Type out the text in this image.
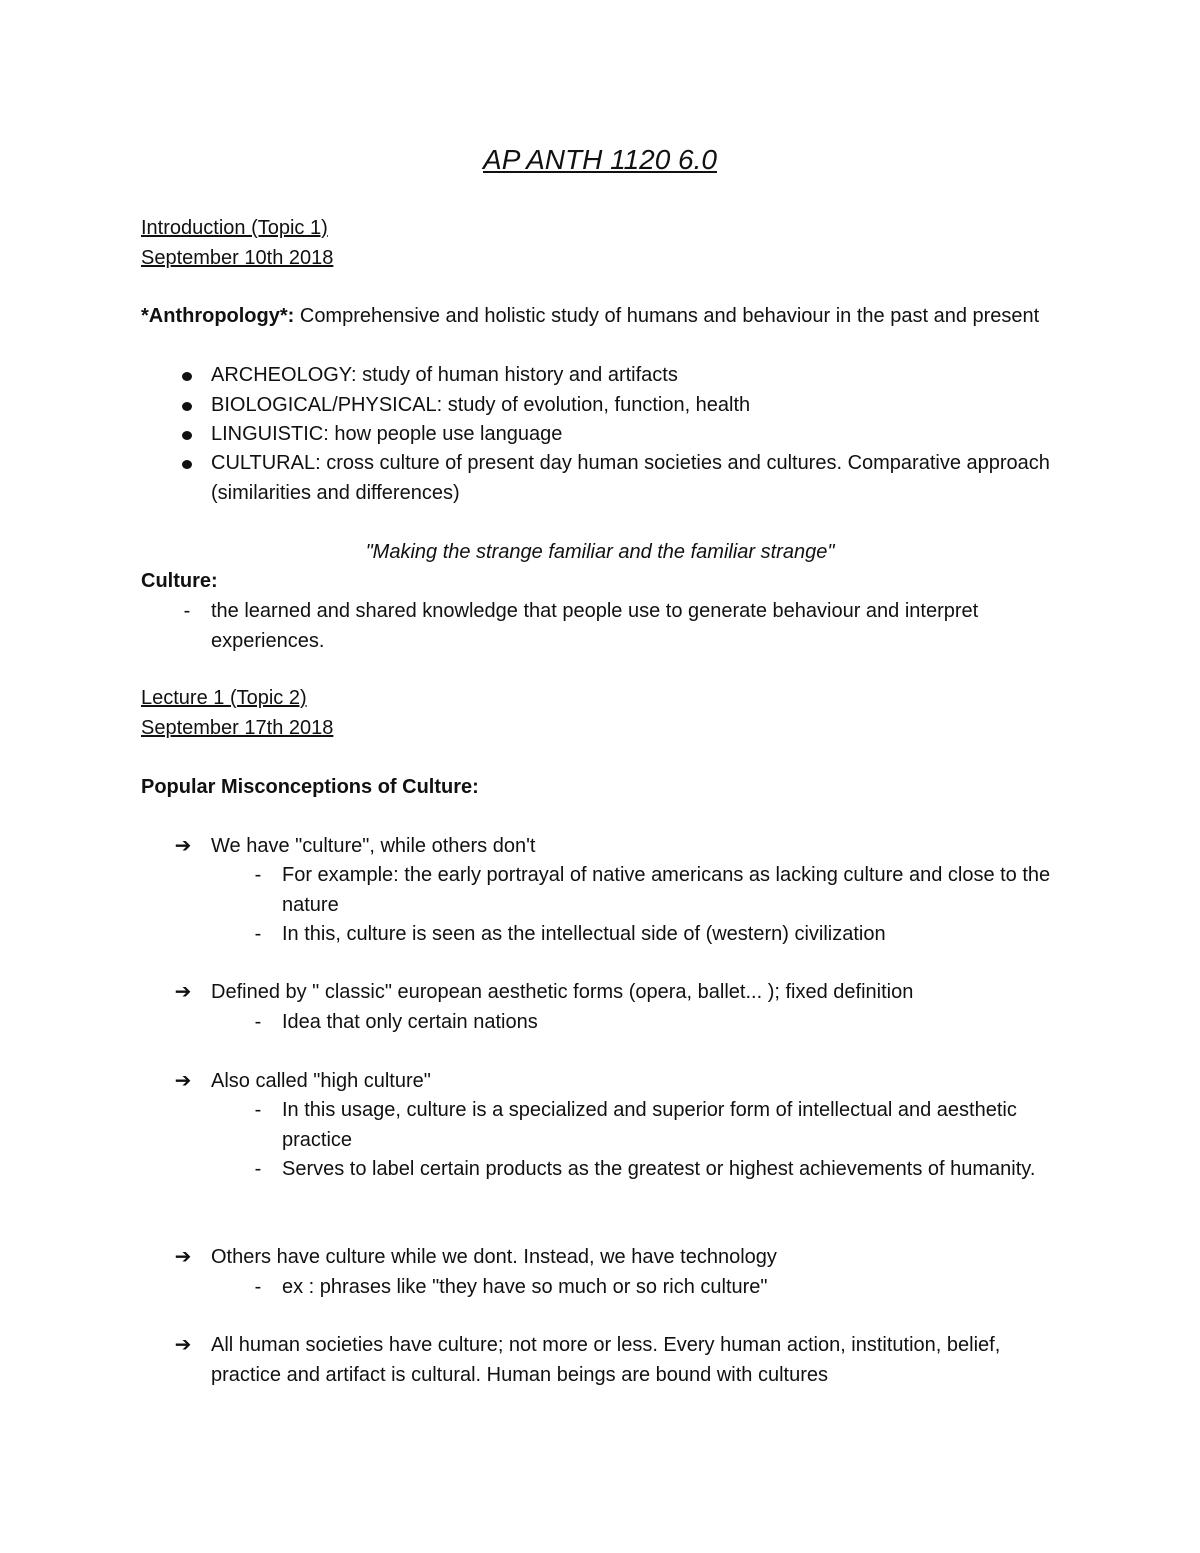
AP ANTH 1120 6.0

Introduction (Topic 1)

September 10th 2018

*Anthropology*: Comprehensive and holistic study of humans and behaviour in the past and present

ARCHEOLOGY: study of human history and artifacts
BIOLOGICAL/PHYSICAL: study of evolution, function, health
LINGUISTIC: how people use language
CULTURAL: cross culture of present day human societies and cultures. Comparative approach (similarities and differences)

"Making the strange familiar and the familiar strange"

Culture:

-	the learned and shared knowledge that people use to generate behaviour and interpret experiences.

Lecture 1 (Topic 2)

September 17th 2018

Popular Misconceptions of Culture:

➔ We have "culture", while others don't
-	For example: the early portrayal of native americans as lacking culture and close to the nature
-	In this, culture is seen as the intellectual side of (western) civilization
➔ Defined by " classic" european aesthetic forms (opera, ballet... ); fixed definition
-	Idea that only certain nations
➔ Also called "high culture"
-	In this usage, culture is a specialized and superior form of intellectual and aesthetic practice
-	Serves to label certain products as the greatest or highest achievements of humanity.
➔ Others have culture while we dont. Instead, we have technology
-	ex : phrases like "they have so much or so rich culture"
➔ All human societies have culture; not more or less. Every human action, institution, belief, practice and artifact is cultural. Human beings are bound with cultures
